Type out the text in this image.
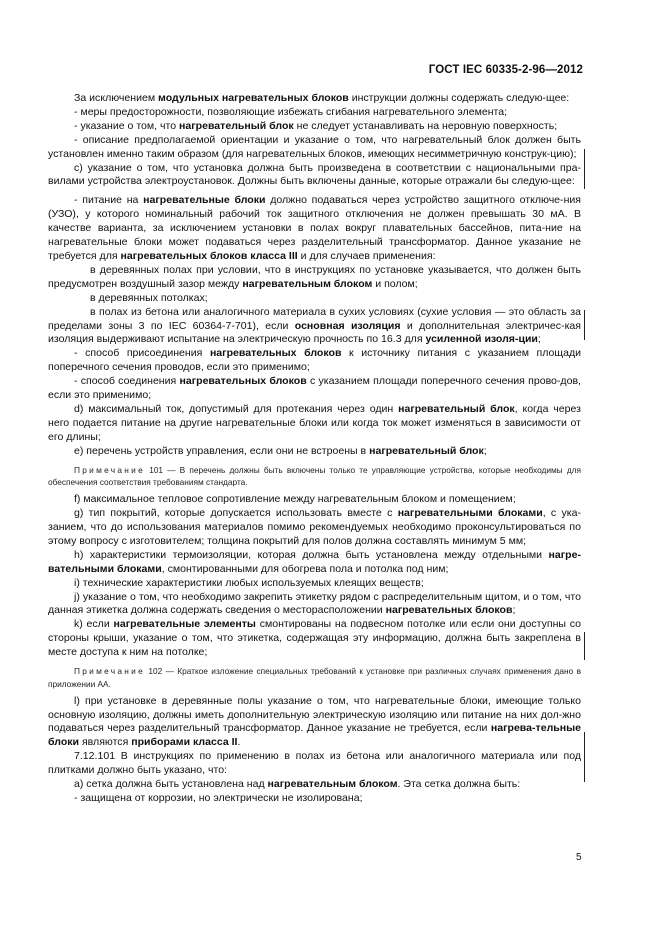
ГОСТ IEC 60335-2-96—2012

За исключением модульных нагревательных блоков инструкции должны содержать следую-щее:

- меры предосторожности, позволяющие избежать сгибания нагревательного элемента;

- указание о том, что нагревательный блок не следует устанавливать на неровную поверхность;

- описание предполагаемой ориентации и указание о том, что нагревательный блок должен быть установлен именно таким образом (для нагревательных блоков, имеющих несимметричную конструк-цию);

c) указание о том, что установка должна быть произведена в соответствии с национальными пра-вилами устройства электроустановок. Должны быть включены данные, которые отражали бы следую-щее:

- питание на нагревательные блоки должно подаваться через устройство защитного отключе-ния (УЗО), у которого номинальный рабочий ток защитного отключения не должен превышать 30 мА. В качестве варианта, за исключением установки в полах вокруг плавательных бассейнов, пита-ние на нагревательные блоки может подаваться через разделительный трансформатор. Данное указание не требуется для нагревательных блоков класса III и для случаев применения:

в деревянных полах при условии, что в инструкциях по установке указывается, что должен быть предусмотрен воздушный зазор между нагревательным блоком и полом;

в деревянных потолках;

в полах из бетона или аналогичного материала в сухих условиях (сухие условия — это область за пределами зоны 3 по IEC 60364-7-701), если основная изоляция и дополнительная электричес-кая изоляция выдерживают испытание на электрическую прочность по 16.3 для усиленной изоля-ции;

- способ присоединения нагревательных блоков к источнику питания с указанием площади поперечного сечения проводов, если это применимо;

- способ соединения нагревательных блоков с указанием площади поперечного сечения прово-дов, если это применимо;

d) максимальный ток, допустимый для протекания через один нагревательный блок, когда через него подается питание на другие нагревательные блоки или когда ток может изменяться в зависимости от его длины;

e) перечень устройств управления, если они не встроены в нагревательный блок;

Примечание 101 — В перечень должны быть включены только те управляющие устройства, которые необходимы для обеспечения соответствия требованиям стандарта.

f) максимальное тепловое сопротивление между нагревательным блоком и помещением;

g) тип покрытий, которые допускается использовать вместе с нагревательными блоками, с ука-занием, что до использования материалов помимо рекомендуемых необходимо проконсультироваться по этому вопросу с изготовителем; толщина покрытий для полов должна составлять минимум 5 мм;

h) характеристики термоизоляции, которая должна быть установлена между отдельными нагре-вательными блоками, смонтированными для обогрева пола и потолка под ним;

i) технические характеристики любых используемых клеящих веществ;

j) указание о том, что необходимо закрепить этикетку рядом с распределительным щитом, и о том, что данная этикетка должна содержать сведения о месторасположении нагревательных блоков;

k) если нагревательные элементы смонтированы на подвесном потолке или если они доступны со стороны крыши, указание о том, что этикетка, содержащая эту информацию, должна быть закреплена в месте доступа к ним на потолке;

Примечание 102 — Краткое изложение специальных требований к установке при различных случаях применения дано в приложении АА.

l) при установке в деревянные полы указание о том, что нагревательные блоки, имеющие только основную изоляцию, должны иметь дополнительную электрическую изоляцию или питание на них дол-жно подаваться через разделительный трансформатор. Данное указание не требуется, если нагрева-тельные блоки являются приборами класса II.

7.12.101 В инструкциях по применению в полах из бетона или аналогичного материала или под плитками должно быть указано, что:

a) сетка должна быть установлена над нагревательным блоком. Эта сетка должна быть:

- защищена от коррозии, но электрически не изолирована;

5
